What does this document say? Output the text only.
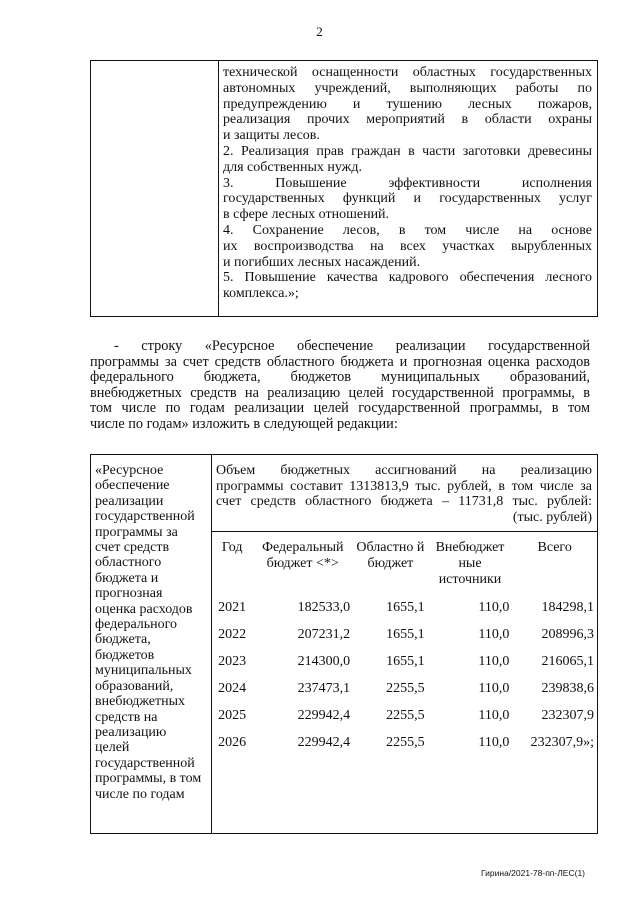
2
технической оснащенности областных государственных
автономных учреждений, выполняющих работы по
предупреждению и тушению лесных пожаров,
реализация прочих мероприятий в области охраны
и защиты лесов.
2. Реализация прав граждан в части заготовки древесины
для собственных нужд.
3. Повышение эффективности исполнения
государственных функций и государственных услуг
в сфере лесных отношений.
4. Сохранение лесов, в том числе на основе
их воспроизводства на всех участках вырубленных
и погибших лесных насаждений.
5. Повышение качества кадрового обеспечения лесного
комплекса.»;
- строку «Ресурсное обеспечение реализации государственной
программы за счет средств областного бюджета и прогнозная оценка расходов
федерального бюджета, бюджетов муниципальных образований,
внебюджетных средств на реализацию целей государственной программы, в
том числе по годам реализации целей государственной программы, в том
числе по годам» изложить в следующей редакции:
«Ресурсное
обеспечение
реализации
государственной
программы за
счет средств
областного
бюджета и
прогнозная
оценка расходов
федерального
бюджета,
бюджетов
муниципальных
образований,
внебюджетных
средств на
реализацию
целей
государственной
программы, в том
числе по годам
Объем бюджетных ассигнований на реализацию
программы составит 1313813,9 тыс. рублей, в том числе за
счет средств областного бюджета – 11731,8 тыс. рублей:
(тыс. рублей)
Год	Федеральный бюджет <*>	Областно й бюджет	Внебюджет ные источники	Всего
2021	182533,0	1655,1	110,0	184298,1
2022	207231,2	1655,1	110,0	208996,3
2023	214300,0	1655,1	110,0	216065,1
2024	237473,1	2255,5	110,0	239838,6
2025	229942,4	2255,5	110,0	232307,9
2026	229942,4	2255,5	110,0	232307,9»;
Гирина/2021-78-пп-ЛЕС(1)
